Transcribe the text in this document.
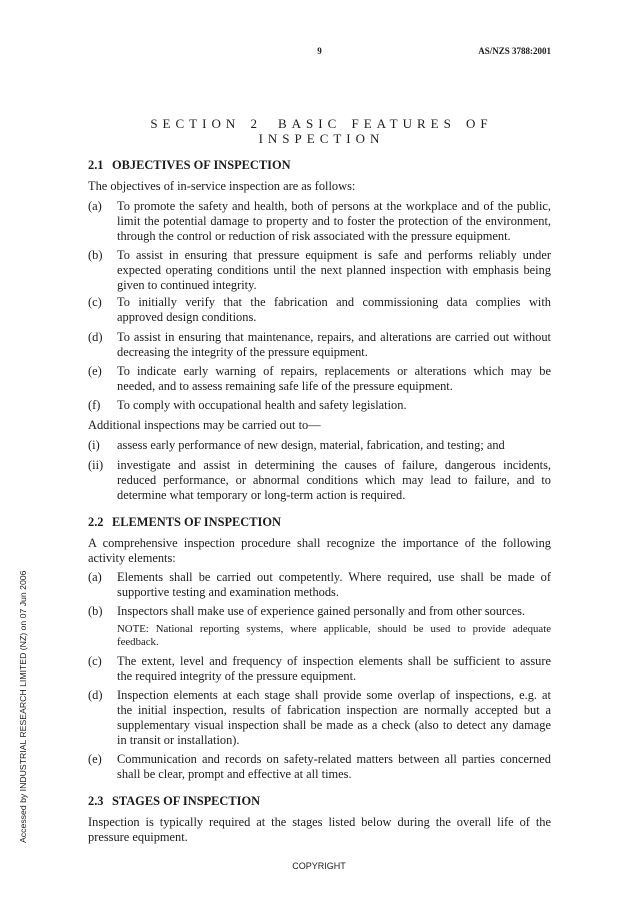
9	AS/NZS 3788:2001
SECTION 2 BASIC FEATURES OF
INSPECTION
2.1 OBJECTIVES OF INSPECTION
The objectives of in-service inspection are as follows:
(a)	To promote the safety and health, both of persons at the workplace and of the public,
limit the potential damage to property and to foster the protection of the environment,
through the control or reduction of risk associated with the pressure equipment.
(b)	To assist in ensuring that pressure equipment is safe and performs reliably under
expected operating conditions until the next planned inspection with emphasis being
given to continued integrity.
(c)	To initially verify that the fabrication and commissioning data complies with
approved design conditions.
(d)	To assist in ensuring that maintenance, repairs, and alterations are carried out without
decreasing the integrity of the pressure equipment.
(e)	To indicate early warning of repairs, replacements or alterations which may be
needed, and to assess remaining safe life of the pressure equipment.
(f)	To comply with occupational health and safety legislation.
Additional inspections may be carried out to—
(i)	assess early performance of new design, material, fabrication, and testing; and
(ii)	investigate and assist in determining the causes of failure, dangerous incidents,
reduced performance, or abnormal conditions which may lead to failure, and to
determine what temporary or long-term action is required.
2.2 ELEMENTS OF INSPECTION
A comprehensive inspection procedure shall recognize the importance of the following
activity elements:
(a)	Elements shall be carried out competently. Where required, use shall be made of
supportive testing and examination methods.
(b)	Inspectors shall make use of experience gained personally and from other sources.
NOTE: National reporting systems, where applicable, should be used to provide adequate
feedback.
(c)	The extent, level and frequency of inspection elements shall be sufficient to assure
the required integrity of the pressure equipment.
(d)	Inspection elements at each stage shall provide some overlap of inspections, e.g. at
the initial inspection, results of fabrication inspection are normally accepted but a
supplementary visual inspection shall be made as a check (also to detect any damage
in transit or installation).
(e)	Communication and records on safety-related matters between all parties concerned
shall be clear, prompt and effective at all times.
2.3 STAGES OF INSPECTION
Inspection is typically required at the stages listed below during the overall life of the
pressure equipment.
COPYRIGHT
Accessed by INDUSTRIAL RESEARCH LIMITED (NZ) on 07 Jun 2006
